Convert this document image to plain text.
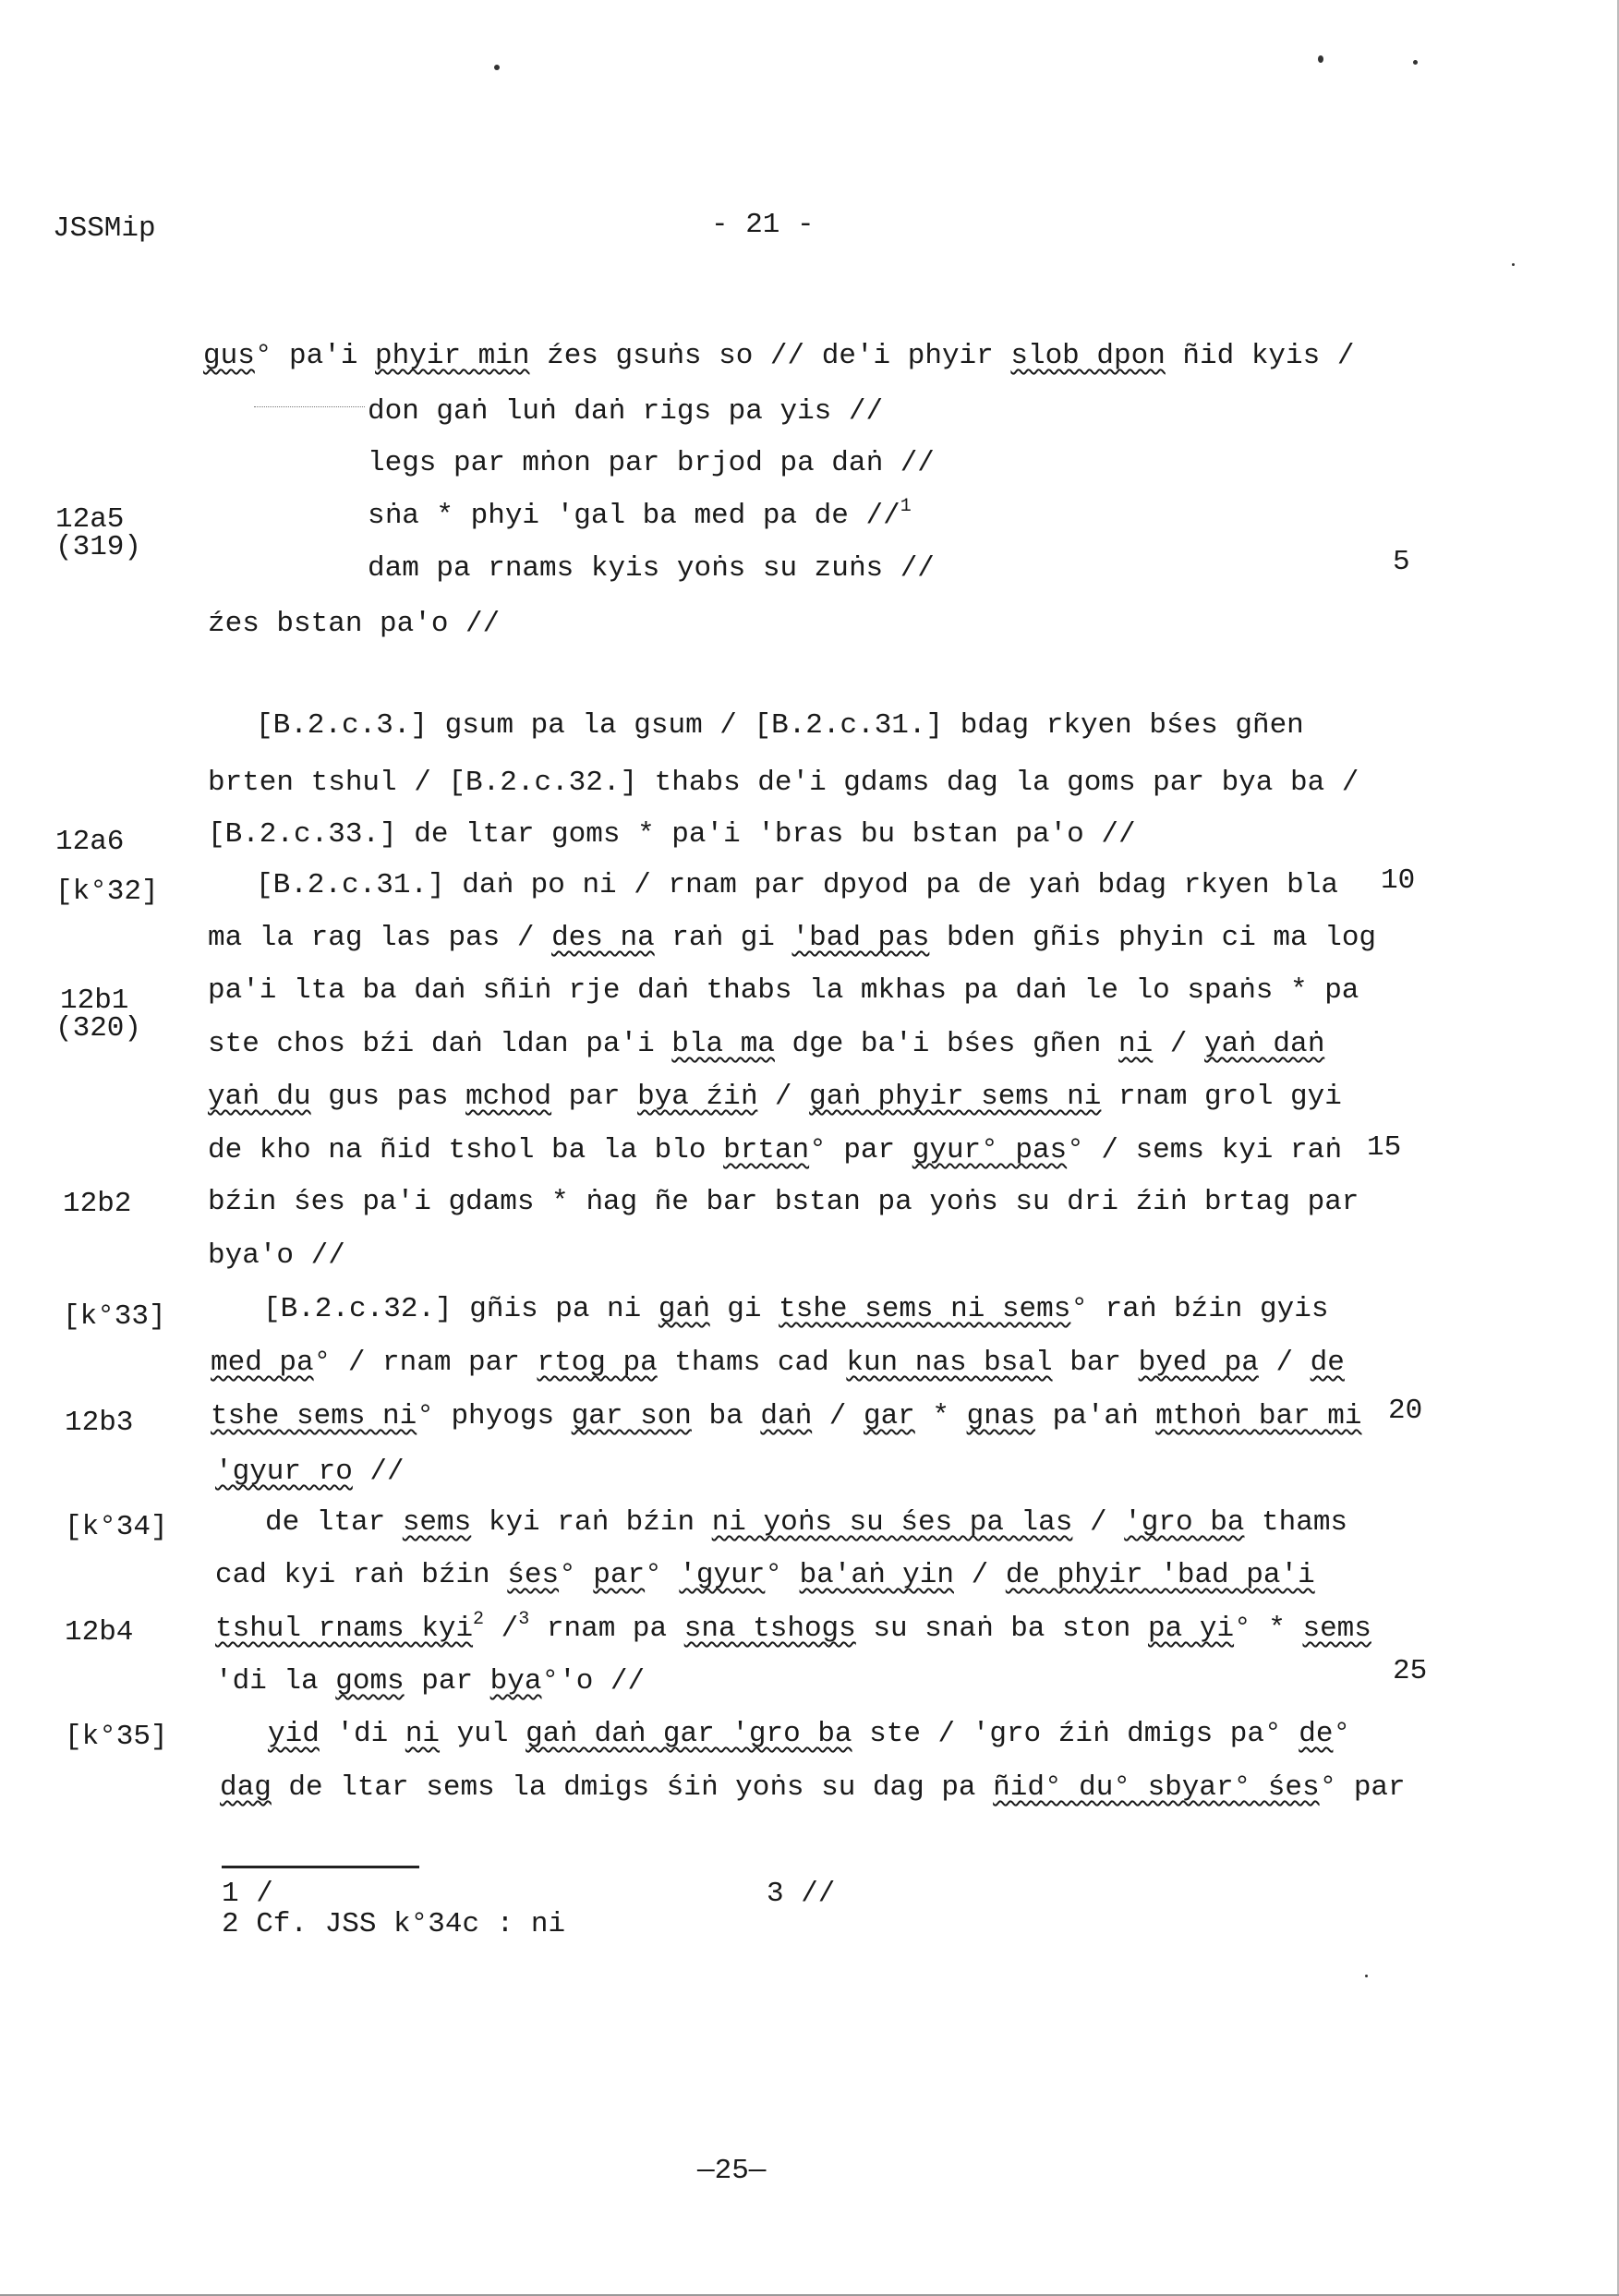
JSSMip	- 21 -
12a5
(319)
12a6
[k°32]
12b1
(320)
12b2
[k°33]
12b3
[k°34]
12b4
[k°35]
5
10
15
20
25
gus° pa'i phyir min źes gsuṅs so // de'i phyir slob dpon ñid kyis /
don gaṅ luṅ daṅ rigs pa yis //
legs par mṅon par brjod pa daṅ //
sṅa * phyi 'gal ba med pa de //$^1$
dam pa rnams kyis yoṅs su zuṅs //
źes bstan pa'o //
[B.2.c.3.] gsum pa la gsum / [B.2.c.31.] bdag rkyen bśes gñen
brten tshul / [B.2.c.32.] thabs de'i gdams dag la goms par bya ba /
[B.2.c.33.] de ltar goms * pa'i 'bras bu bstan pa'o //
[B.2.c.31.] daṅ po ni / rnam par dpyod pa de yaṅ bdag rkyen bla
ma la rag las pas / des na raṅ gi 'bad pas bden gñis phyin ci ma log
pa'i lta ba daṅ sñiṅ rje daṅ thabs la mkhas pa daṅ le lo spaṅs * pa
ste chos bźi daṅ ldan pa'i bla ma dge ba'i bśes gñen ni / yaṅ daṅ
yaṅ du gus pas mchod par bya źiṅ / gaṅ phyir sems ni rnam grol gyi
de kho na ñid tshol ba la blo brtan° par gyur° pas° / sems kyi raṅ
bźin śes pa'i gdams * ṅag ñe bar bstan pa yoṅs su dri źiṅ brtag par
bya'o //
[B.2.c.32.] gñis pa ni gaṅ gi tshe sems ni sems° raṅ bźin gyis
med pa° / rnam par rtog pa thams cad kun nas bsal bar byed pa / de
tshe sems ni° phyogs gar son ba daṅ / gar * gnas pa'aṅ mthoṅ bar mi
'gyur ro //
de ltar sems kyi raṅ bźin ni yoṅs su śes pa las / 'gro ba thams
cad kyi raṅ bźin śes° par° 'gyur° ba'aṅ yin / de phyir 'bad pa'i
tshul rnams kyi$^2$ /$^3$ rnam pa sna tshogs su snaṅ ba ston pa yi° * sems
'di la goms par bya°'o //
yid 'di ni yul gaṅ daṅ gar 'gro ba ste / 'gro źiṅ dmigs pa° de°
dag de ltar sems la dmigs śiṅ yoṅs su dag pa ñid° du° sbyar° śes° par
1 /	3 //
2 Cf. JSS k°34c : ni
—25—
